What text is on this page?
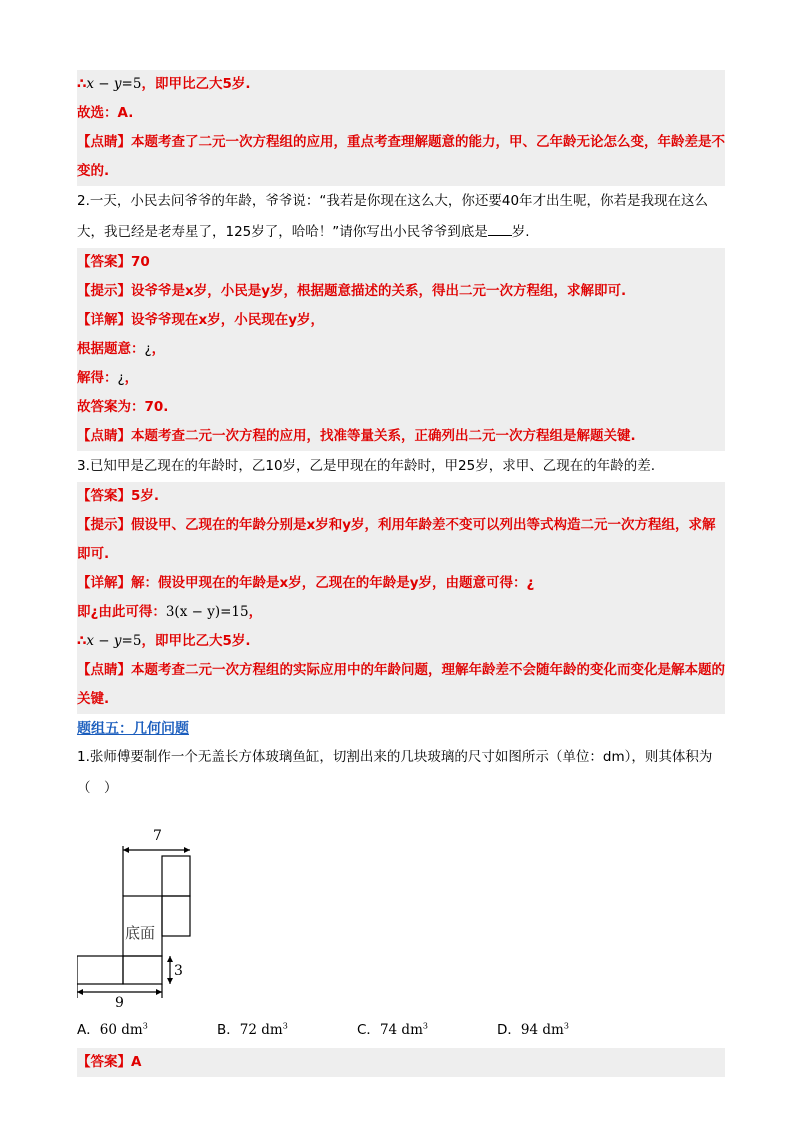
∴x − y=5，即甲比乙大5岁.
故选：A.
【点睛】本题考查了二元一次方程组的应用，重点考查理解题意的能力，甲、乙年龄无论怎么变，年龄差是不变的.
2.一天，小民去问爷爷的年龄，爷爷说：“我若是你现在这么大，你还要40年才出生呢，你若是我现在这么大，我已经是老寿星了，125岁了，哈哈！”请你写出小民爷爷到底是 岁.
【答案】70
【提示】设爷爷是x岁，小民是y岁，根据题意描述的关系，得出二元一次方程组，求解即可.
【详解】设爷爷现在x岁，小民现在y岁，
根据题意：¿，
解得：¿，
故答案为：70.
【点睛】本题考查二元一次方程的应用，找准等量关系，正确列出二元一次方程组是解题关键.
3.已知甲是乙现在的年龄时，乙10岁，乙是甲现在的年龄时，甲25岁，求甲、乙现在的年龄的差.
【答案】5岁.
【提示】假设甲、乙现在的年龄分别是x岁和y岁，利用年龄差不变可以列出等式构造二元一次方程组，求解即可.
【详解】解：假设甲现在的年龄是x岁，乙现在的年龄是y岁，由题意可得：¿
即¿由此可得：3(x − y)=15，
∴x − y=5，即甲比乙大5岁.
【点睛】本题考查二元一次方程组的实际应用中的年龄问题，理解年龄差不会随年龄的变化而变化是解本题的关键.
题组五：几何问题
1.张师傅要制作一个无盖长方体玻璃鱼缸，切割出来的几块玻璃的尺寸如图所示（单位：dm），则其体积为（　）
7
底面
3
9
A．60 $dm^3$	B．72 $dm^3$	C．74 $dm^3$	D．94 $dm^3$
【答案】A
